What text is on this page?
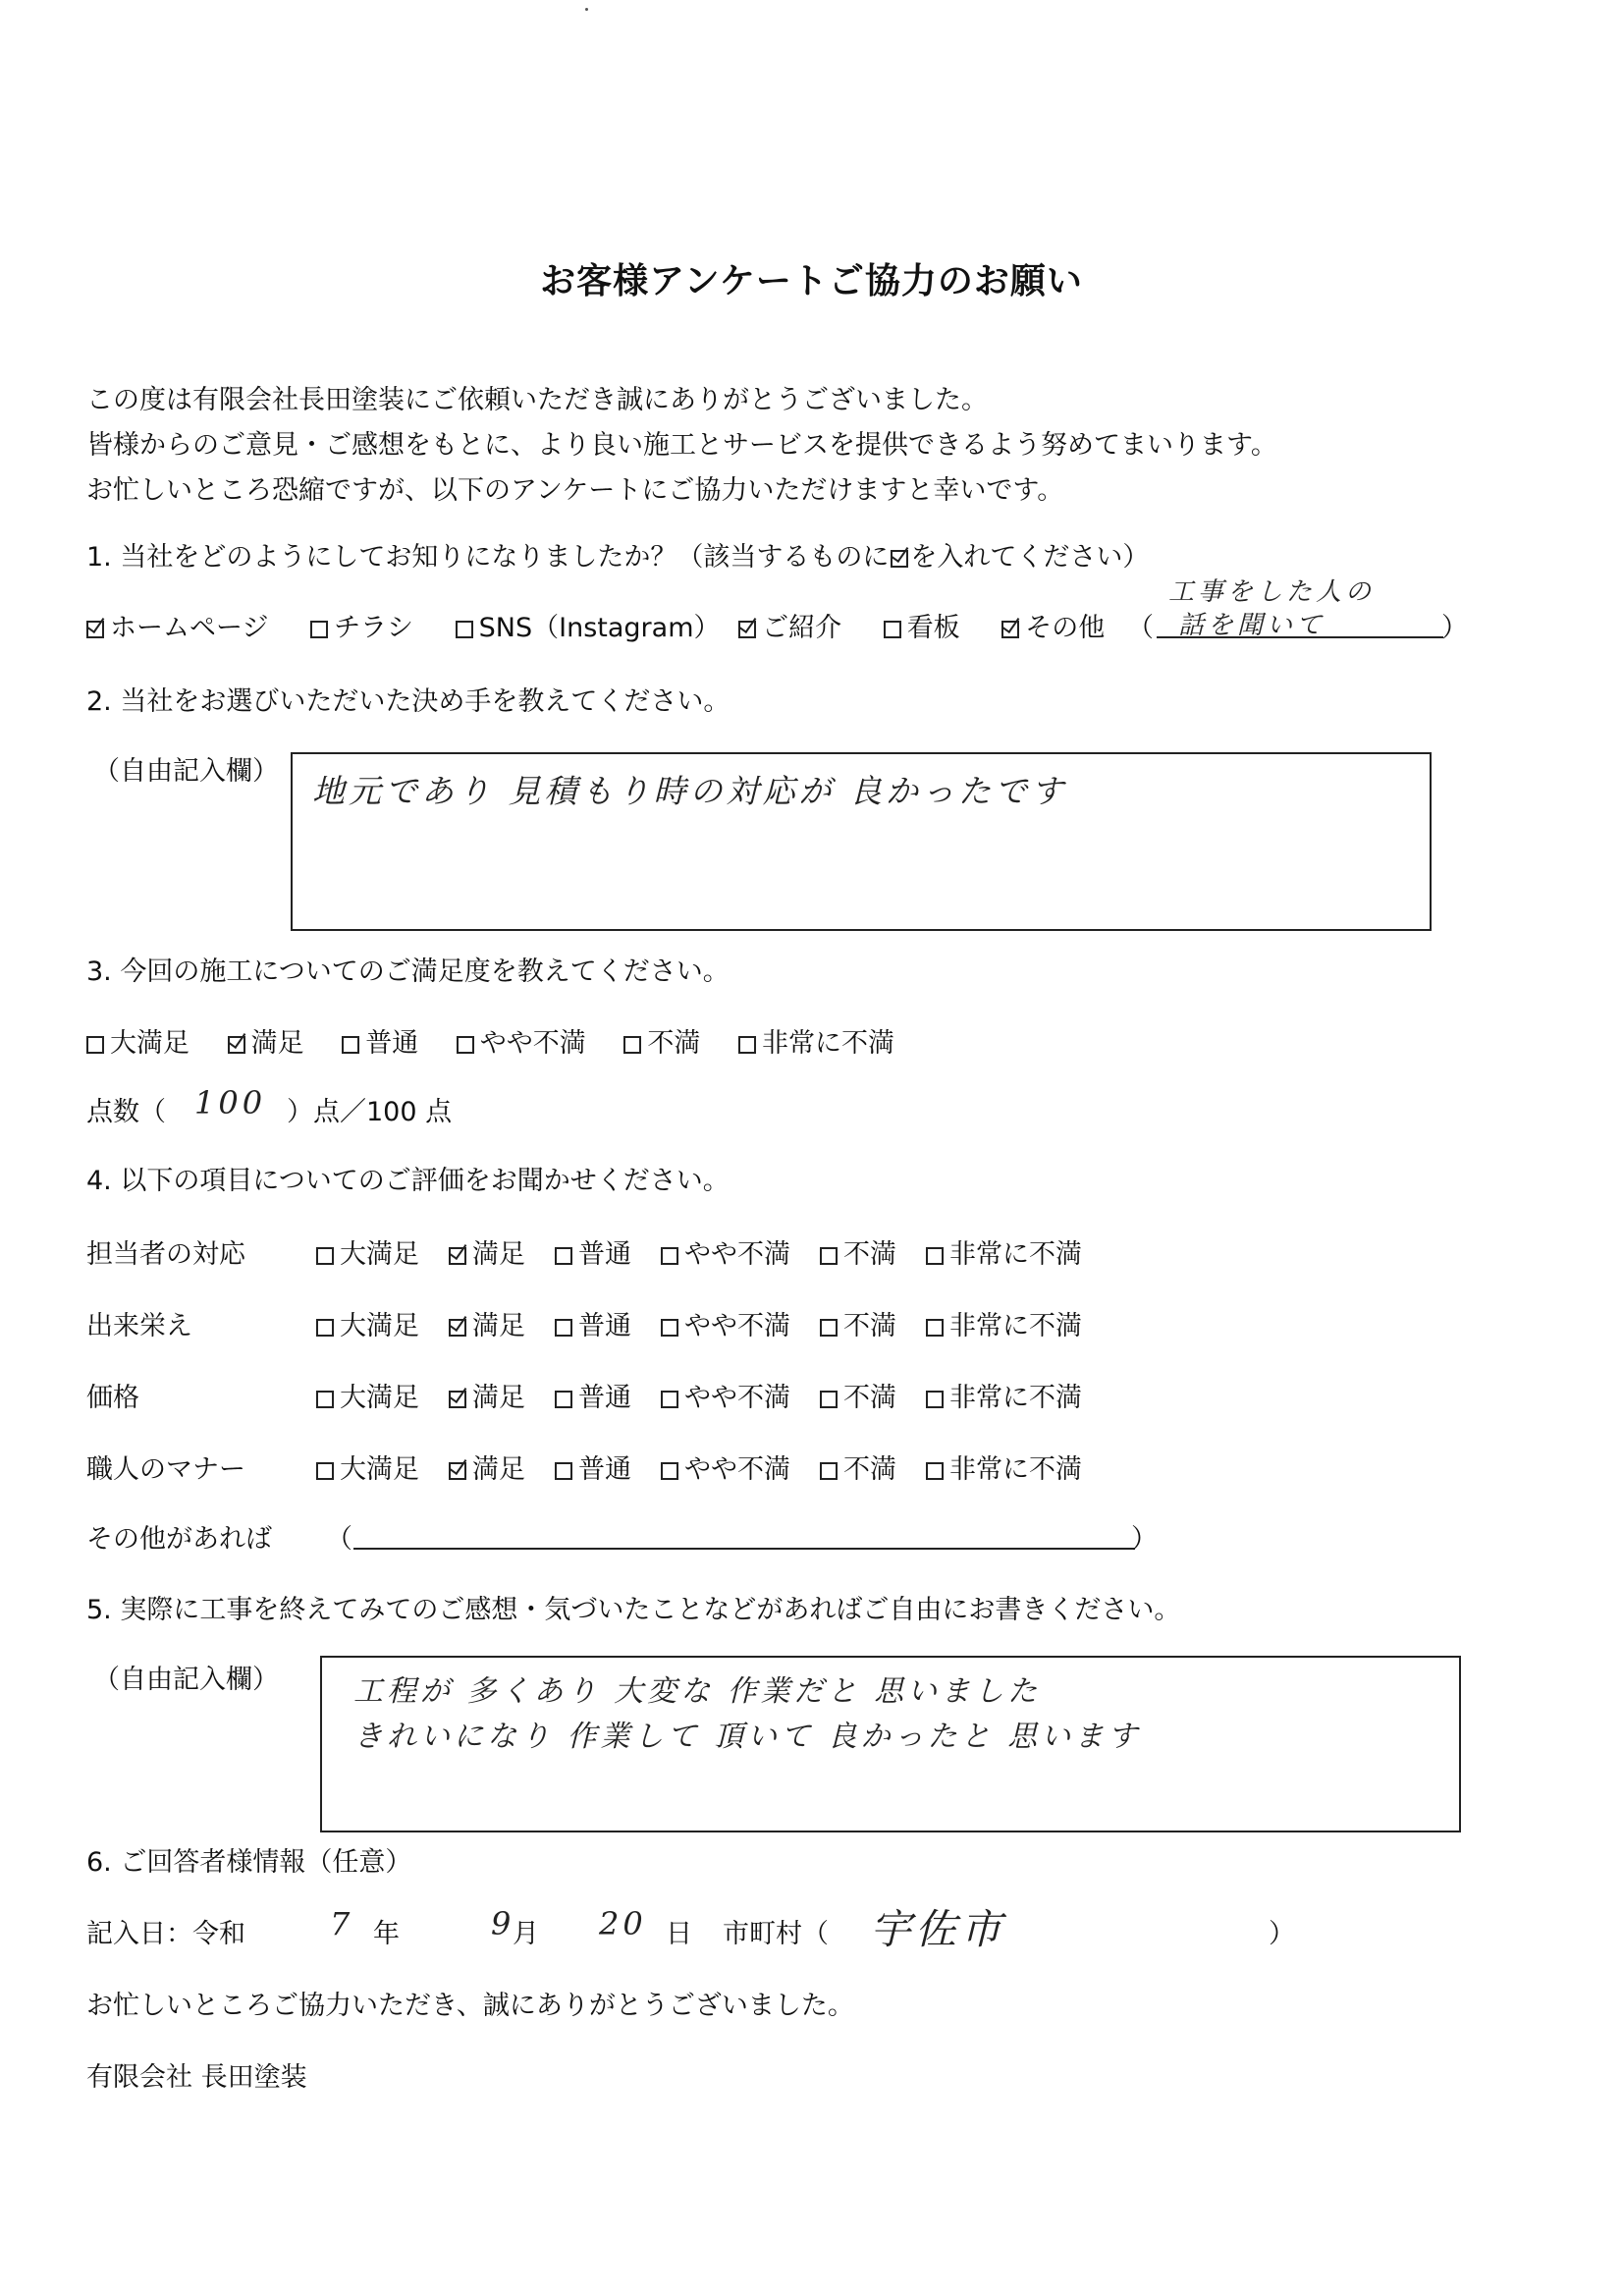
お客様アンケートご協力のお願い
この度は有限会社長田塗装にご依頼いただき誠にありがとうございました。
皆様からのご意見・ご感想をもとに、より良い施工とサービスを提供できるよう努めてまいります。
お忙しいところ恐縮ですが、以下のアンケートにご協力いただけますと幸いです。
1. 当社をどのようにしてお知りになりましたか？（該当するものに を入れてください）
ホームページ チラシ SNS（Instagram） ご紹介 看板 その他 （	）
工事をした人の
話を聞いて
2. 当社をお選びいただいた決め手を教えてください。
（自由記入欄）
地元であり 見積もり時の対応が 良かったです
3. 今回の施工についてのご満足度を教えてください。
大満足 満足 普通 やや不満 不満 非常に不満
点数（ 100 ）点／100 点
4. 以下の項目についてのご評価をお聞かせください。
担当者の対応	大満足 満足 普通 やや不満 不満 非常に不満
出来栄え	大満足 満足 普通 やや不満 不満 非常に不満
価格	大満足 満足 普通 やや不満 不満 非常に不満
職人のマナー	大満足 満足 普通 やや不満 不満 非常に不満
その他があれば （	）
5. 実際に工事を終えてみてのご感想・気づいたことなどがあればご自由にお書きください。
（自由記入欄）	工程が 多くあり 大変な 作業だと 思いました
きれいになり 作業して 頂いて 良かったと 思います
6. ご回答者様情報（任意）
記入日：令和	7 年	9
月 20 日 市町村（ 宇佐市	）
お忙しいところご協力いただき、誠にありがとうございました。
有限会社 長田塗装
